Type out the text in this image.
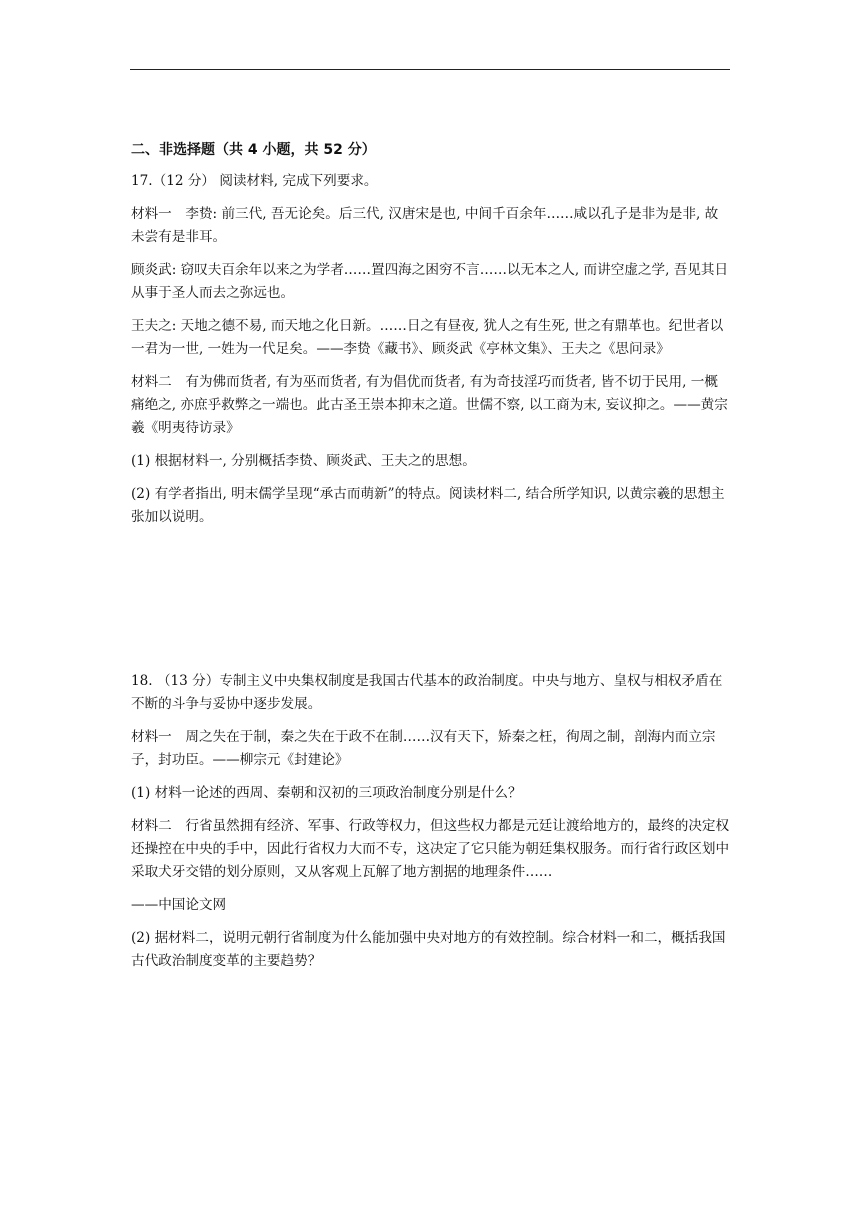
二、非选择题（共 4 小题，共 52 分）

17.（12 分） 阅读材料, 完成下列要求。

材料一　李贽: 前三代, 吾无论矣。后三代, 汉唐宋是也, 中间千百余年……咸以孔子是非为是非, 故未尝有是非耳。

顾炎武: 窃叹夫百余年以来之为学者……置四海之困穷不言……以无本之人, 而讲空虚之学, 吾见其日从事于圣人而去之弥远也。

王夫之: 天地之德不易, 而天地之化日新。……日之有昼夜, 犹人之有生死, 世之有鼎革也。纪世者以一君为一世, 一姓为一代足矣。——李贽《藏书》、顾炎武《亭林文集》、王夫之《思问录》

材料二　有为佛而货者, 有为巫而货者, 有为倡优而货者, 有为奇技淫巧而货者, 皆不切于民用, 一概痛绝之, 亦庶乎救弊之一端也。此古圣王崇本抑末之道。世儒不察, 以工商为末, 妄议抑之。——黄宗羲《明夷待访录》

(1) 根据材料一, 分别概括李贽、顾炎武、王夫之的思想。

(2) 有学者指出, 明末儒学呈现“承古而萌新”的特点。阅读材料二, 结合所学知识, 以黄宗羲的思想主张加以说明。

18. （13 分）专制主义中央集权制度是我国古代基本的政治制度。中央与地方、皇权与相权矛盾在不断的斗争与妥协中逐步发展。

材料一　周之失在于制，秦之失在于政不在制……汉有天下，矫秦之枉，徇周之制，剖海内而立宗子，封功臣。——柳宗元《封建论》

(1) 材料一论述的西周、秦朝和汉初的三项政治制度分别是什么？

材料二　行省虽然拥有经济、军事、行政等权力，但这些权力都是元廷让渡给地方的，最终的决定权还操控在中央的手中，因此行省权力大而不专，这决定了它只能为朝廷集权服务。而行省行政区划中采取犬牙交错的划分原则，又从客观上瓦解了地方割据的地理条件……

——中国论文网

(2) 据材料二，说明元朝行省制度为什么能加强中央对地方的有效控制。综合材料一和二，概括我国古代政治制度变革的主要趋势？
